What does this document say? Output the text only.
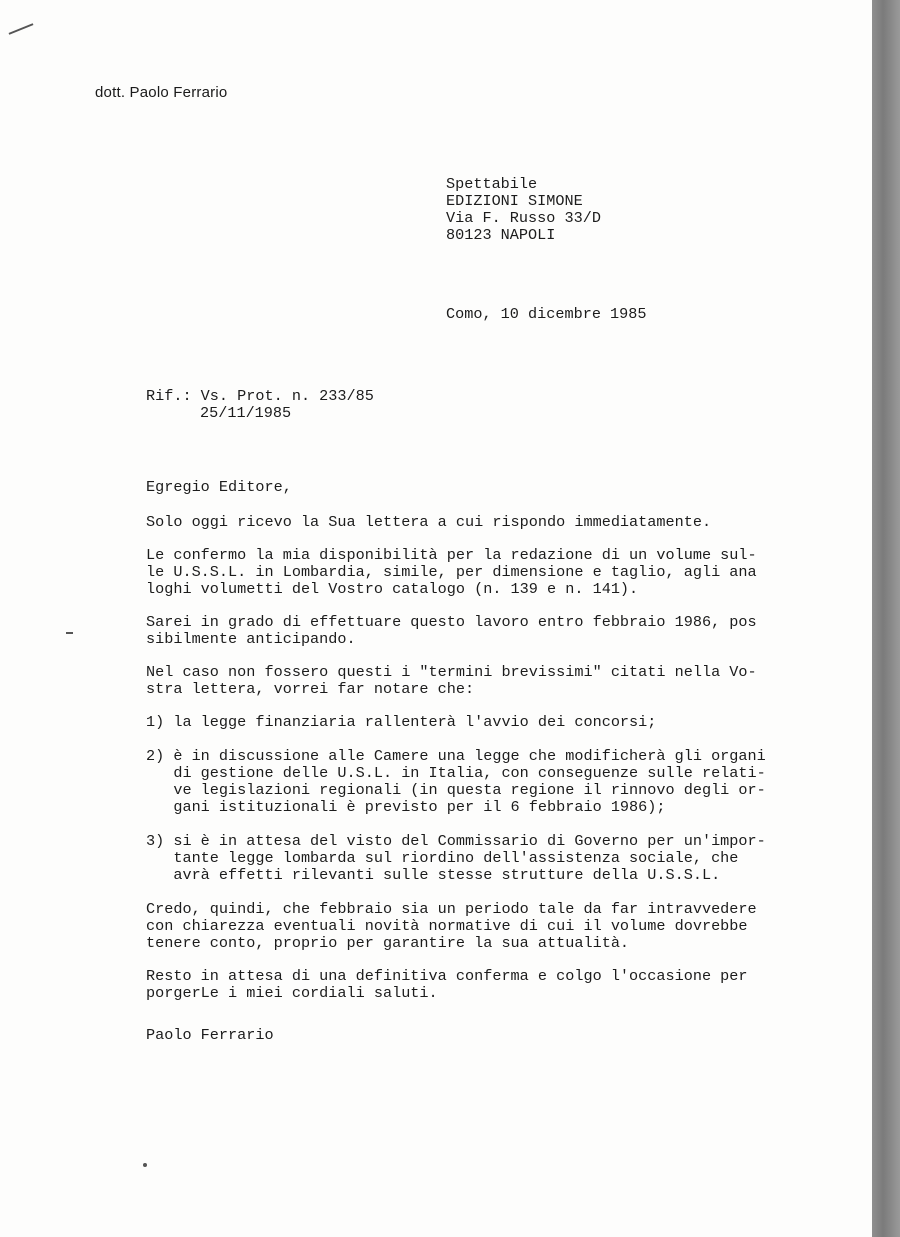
dott. Paolo Ferrario
Spettabile
EDIZIONI SIMONE
Via F. Russo 33/D
80123 NAPOLI
Como, 10 dicembre 1985
Rif.: Vs. Prot. n. 233/85
25/11/1985
Egregio Editore,
Solo oggi ricevo la Sua lettera a cui rispondo immediatamente.
Le confermo la mia disponibilità per la redazione di un volume sul-
le U.S.S.L. in Lombardia, simile, per dimensione e taglio, agli ana
loghi volumetti del Vostro catalogo (n. 139 e n. 141).
Sarei in grado di effettuare questo lavoro entro febbraio 1986, pos
sibilmente anticipando.
Nel caso non fossero questi i "termini brevissimi" citati nella Vo-
stra lettera, vorrei far notare che:
1) la legge finanziaria rallenterà l'avvio dei concorsi;
2) è in discussione alle Camere una legge che modificherà gli organi
di gestione delle U.S.L. in Italia, con conseguenze sulle relati-
ve legislazioni regionali (in questa regione il rinnovo degli or-
gani istituzionali è previsto per il 6 febbraio 1986);
3) si è in attesa del visto del Commissario di Governo per un'impor-
tante legge lombarda sul riordino dell'assistenza sociale, che
avrà effetti rilevanti sulle stesse strutture della U.S.S.L.
Credo, quindi, che febbraio sia un periodo tale da far intravvedere
con chiarezza eventuali novità normative di cui il volume dovrebbe
tenere conto, proprio per garantire la sua attualità.
Resto in attesa di una definitiva conferma e colgo l'occasione per
porgerLe i miei cordiali saluti.
Paolo Ferrario
